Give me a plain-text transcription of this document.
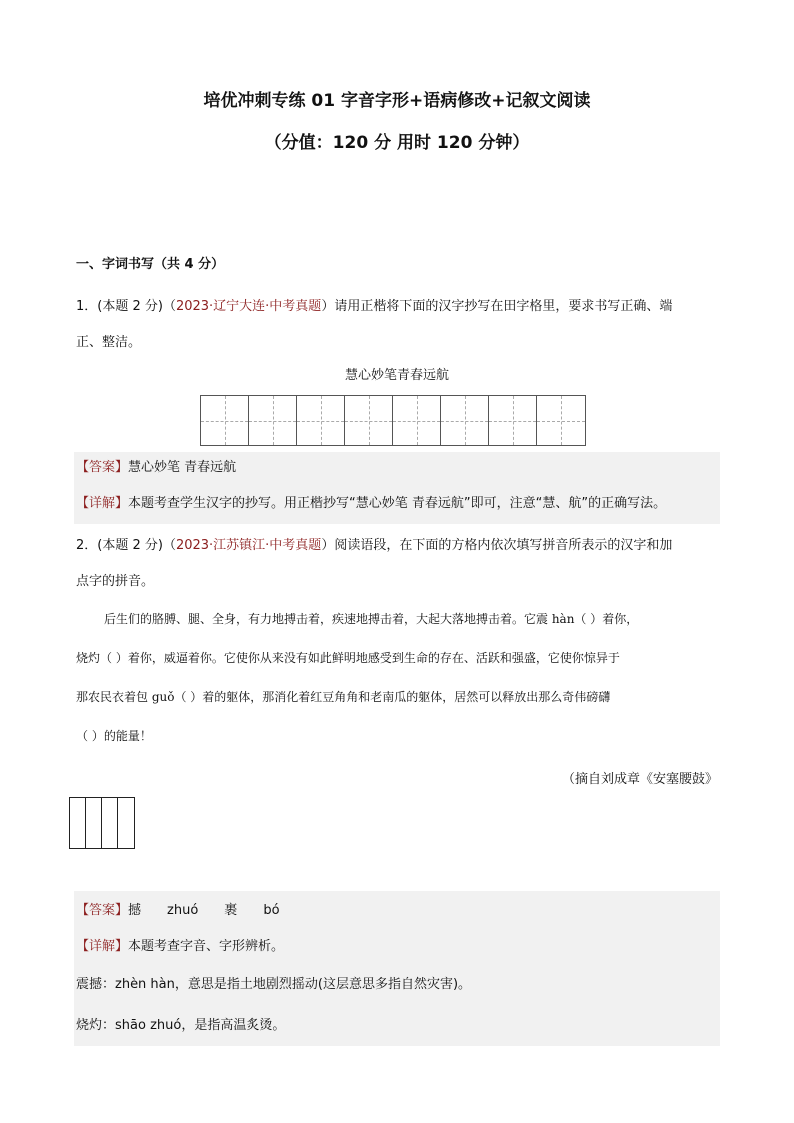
培优冲刺专练 01 字音字形+语病修改+记叙文阅读
（分值：120 分 用时 120 分钟）
一、字词书写（共 4 分）
1．(本题 2 分)（2023·辽宁大连·中考真题）请用正楷将下面的汉字抄写在田字格里，要求书写正确、端
正、整洁。
慧心妙笔青春远航
【答案】慧心妙笔 青春远航
【详解】本题考查学生汉字的抄写。用正楷抄写“慧心妙笔 青春远航”即可，注意“慧、航”的正确写法。
2．(本题 2 分)（2023·江苏镇江·中考真题）阅读语段，在下面的方格内依次填写拼音所表示的汉字和加
点字的拼音。
后生们的胳膊、腿、全身，有力地搏击着，疾速地搏击着，大起大落地搏击着。它震 hàn（ ）着你，
烧灼（ ）着你，威逼着你。它使你从来没有如此鲜明地感受到生命的存在、活跃和强盛，它使你惊异于
那农民衣着包 guǒ（ ）着的躯体，那消化着红豆角角和老南瓜的躯体，居然可以释放出那么奇伟磅礴
（ ）的能量！
（摘自刘成章《安塞腰鼓》
【答案】撼 zhuó 裹 bó
【详解】本题考查字音、字形辨析。
震撼：zhèn hàn，意思是指土地剧烈摇动(这层意思多指自然灾害)。
烧灼：shāo zhuó，是指高温炙烫。
